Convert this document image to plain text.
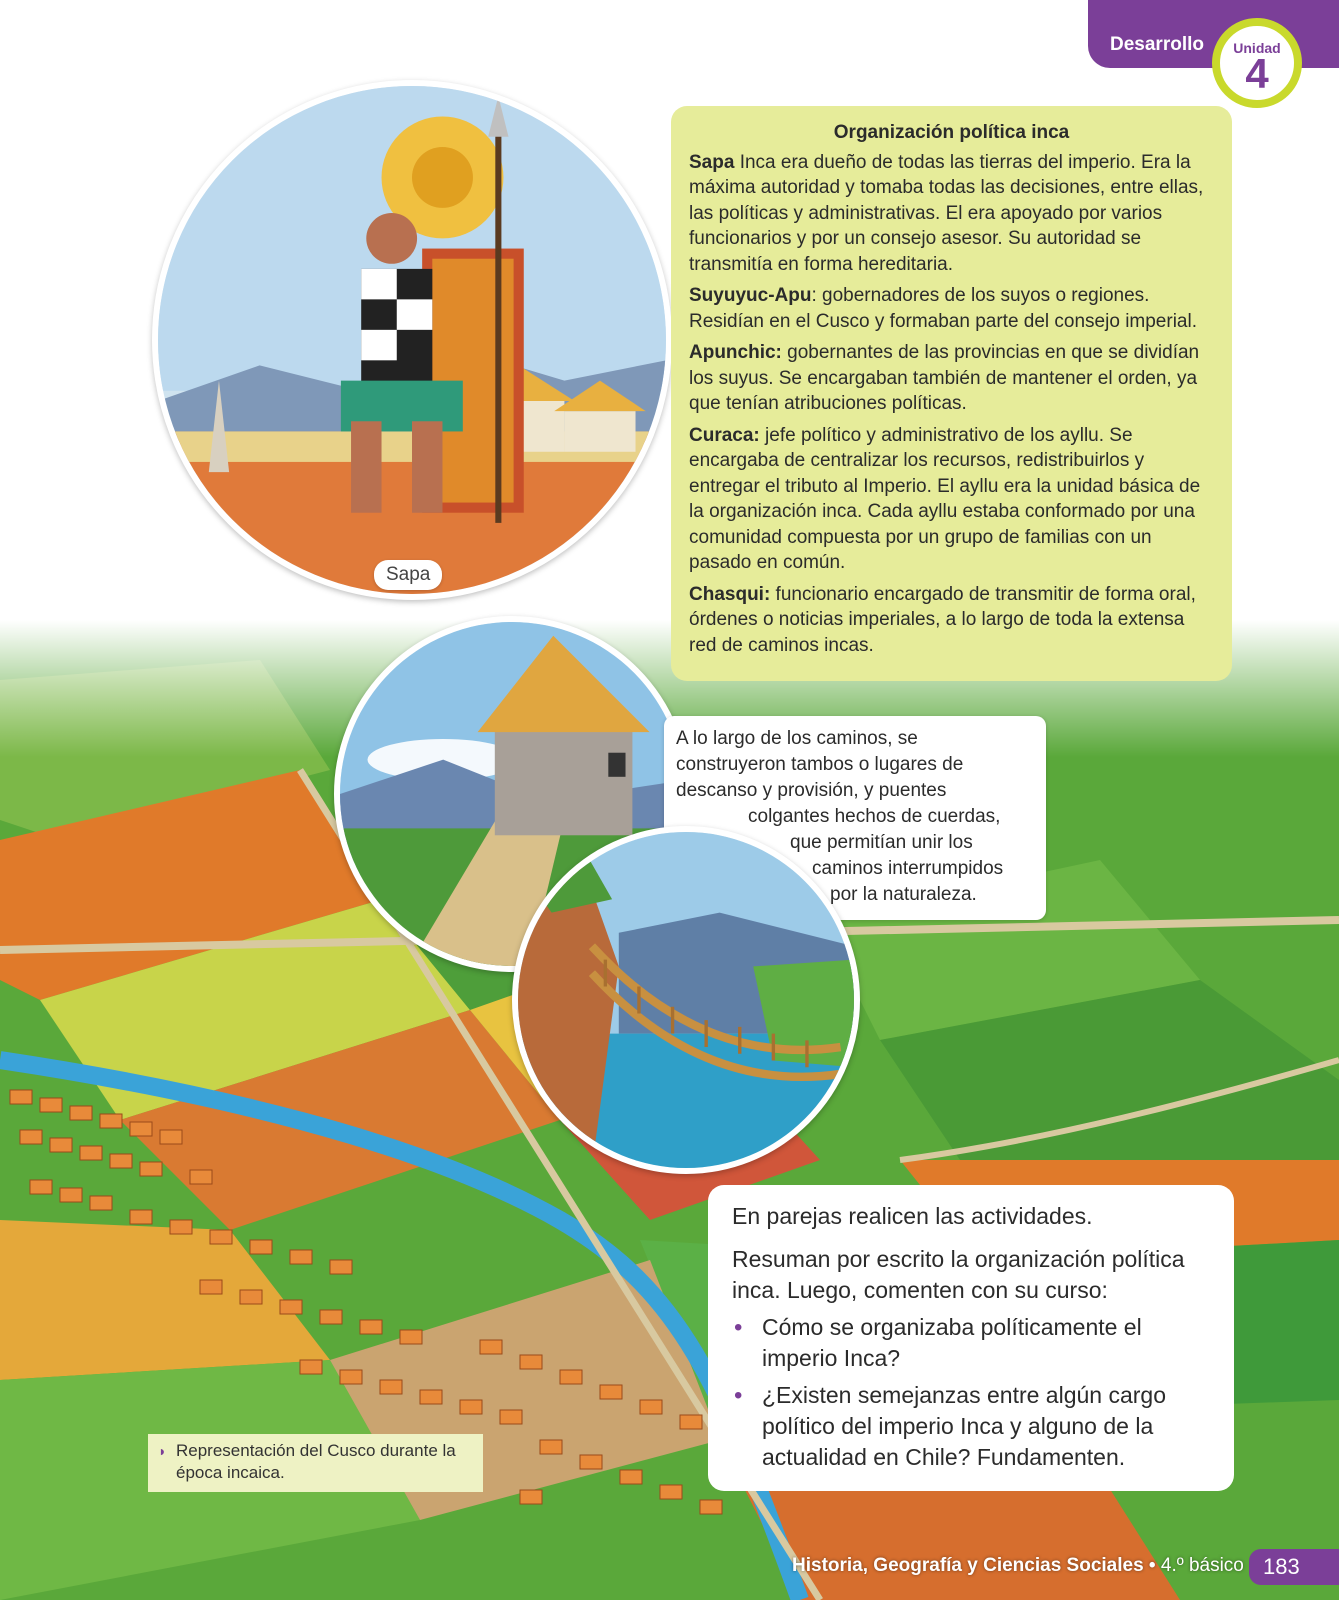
Desarrollo	Unidad
4
Sapa

Organización política inca

Sapa Inca era dueño de todas las tierras del imperio. Era la máxima autoridad y tomaba todas las decisiones, entre ellas, las políticas y administrativas. El era apoyado por varios funcionarios y por un consejo asesor. Su autoridad se transmitía en forma hereditaria.

Suyuyuc-Apu: gobernadores de los suyos o regiones. Residían en el Cusco y formaban parte del consejo imperial.

Apunchic: gobernantes de las provincias en que se dividían los suyus. Se encargaban también de mantener el orden, ya que tenían atribuciones políticas.

Curaca: jefe político y administrativo de los ayllu. Se encargaba de centralizar los recursos, redistribuirlos y entregar el tributo al Imperio. El ayllu era la unidad básica de la organización inca. Cada ayllu estaba conformado por una comunidad compuesta por un grupo de familias con un pasado en común.

Chasqui: funcionario encargado de transmitir de forma oral, órdenes o noticias imperiales, a lo largo de toda la extensa red de caminos incas.

A lo largo de los caminos, se
construyeron tambos o lugares de
descanso y provisión, y puentes
colgantes hechos de cuerdas,
que permitían unir los
caminos interrumpidos
por la naturaleza.

En parejas realicen las actividades.

Resuman por escrito la organización política inca. Luego, comenten con su curso:

• Cómo se organizaba políticamente el imperio Inca?
• ¿Existen semejanzas entre algún cargo político del imperio Inca y alguno de la actualidad en Chile? Fundamenten.
◗ Representación del Cusco durante la época incaica.
Historia, Geografía y Ciencias Sociales • 4.º básico 183
